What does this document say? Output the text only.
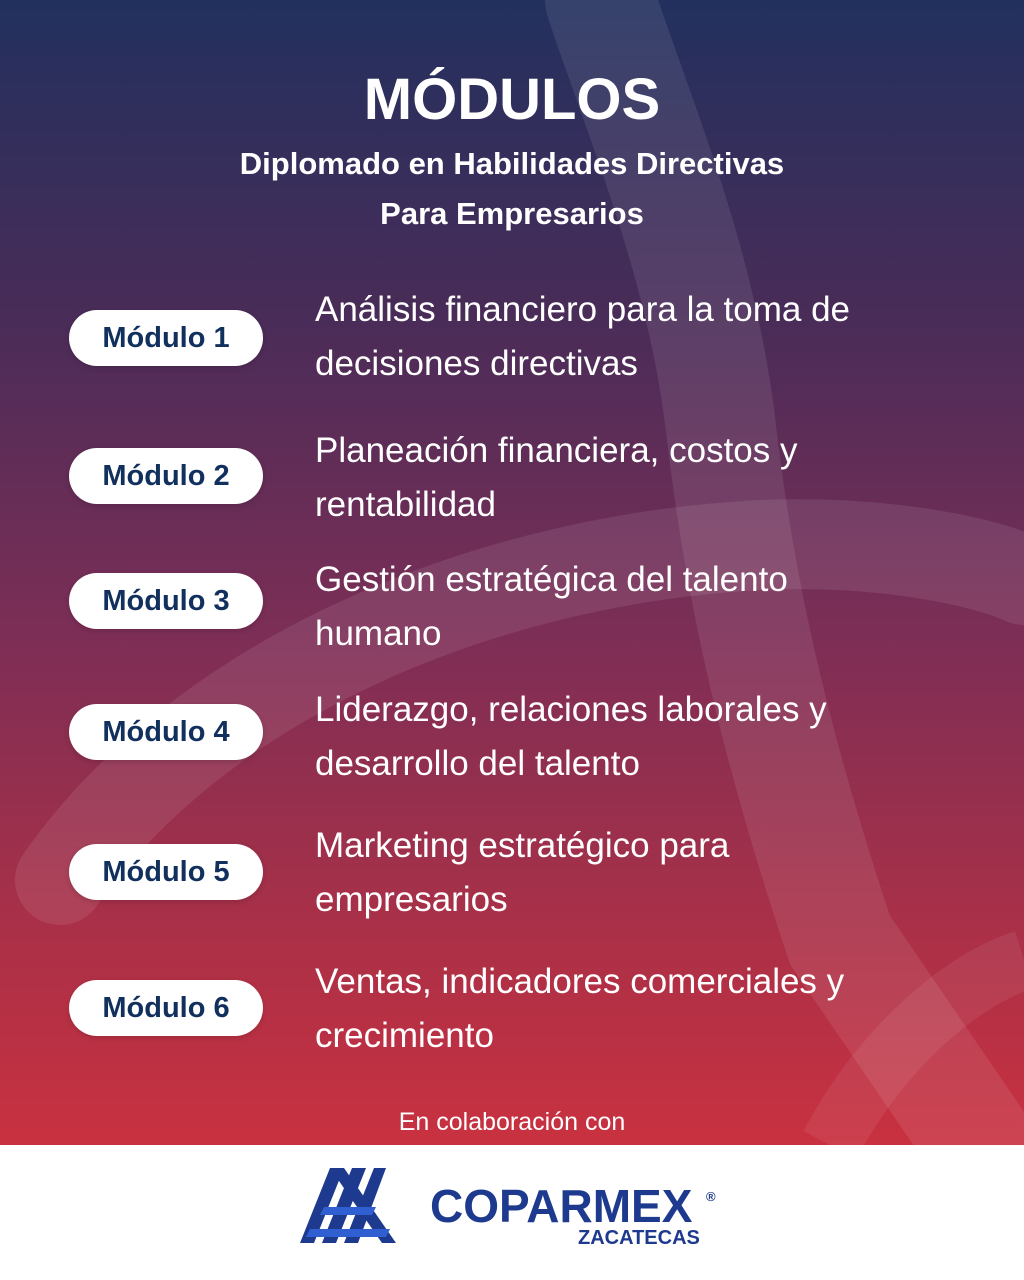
MÓDULOS
Diplomado en Habilidades Directivas
Para Empresarios
Módulo 1
Análisis financiero para la toma de
decisiones directivas
Módulo 2
Planeación financiera, costos y
rentabilidad
Módulo 3
Gestión estratégica del talento
humano
Módulo 4
Liderazgo, relaciones laborales y
desarrollo del talento
Módulo 5
Marketing estratégico para
empresarios
Módulo 6
Ventas, indicadores comerciales y
crecimiento
En colaboración con
COPARMEX ®
ZACATECAS
